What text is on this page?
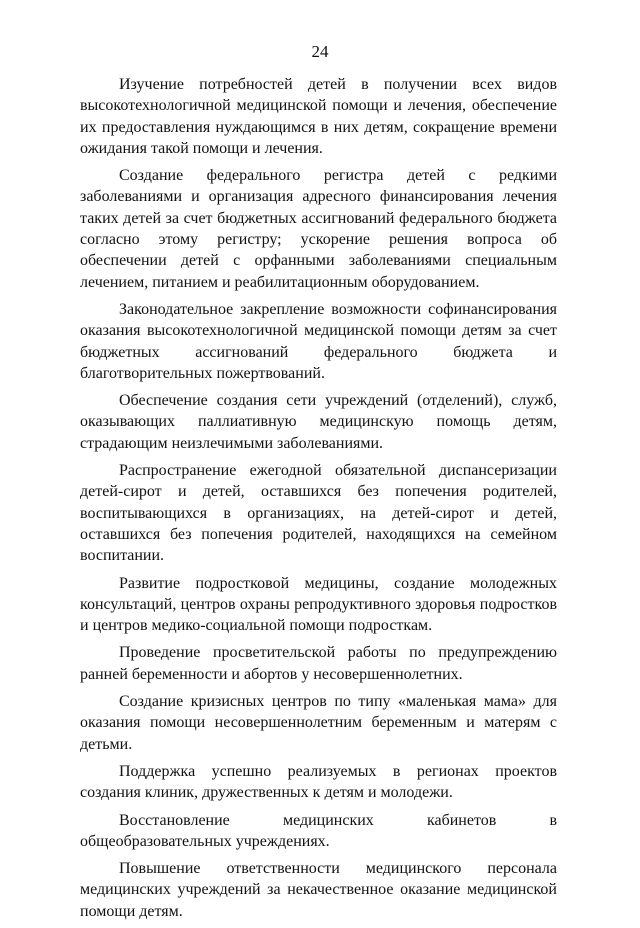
24

Изучение потребностей детей в получении всех видов высокотехнологичной медицинской помощи и лечения, обеспечение их предоставления нуждающимся в них детям, сокращение времени ожидания такой помощи и лечения.

Создание федерального регистра детей с редкими заболеваниями и организация адресного финансирования лечения таких детей за счет бюджетных ассигнований федерального бюджета согласно этому регистру; ускорение решения вопроса об обеспечении детей с орфанными заболеваниями специальным лечением, питанием и реабилитационным оборудованием.

Законодательное закрепление возможности софинансирования оказания высокотехнологичной медицинской помощи детям за счет бюджетных ассигнований федерального бюджета и благотворительных пожертвований.

Обеспечение создания сети учреждений (отделений), служб, оказывающих паллиативную медицинскую помощь детям, страдающим неизлечимыми заболеваниями.

Распространение ежегодной обязательной диспансеризации детей-сирот и детей, оставшихся без попечения родителей, воспитывающихся в организациях, на детей-сирот и детей, оставшихся без попечения родителей, находящихся на семейном воспитании.

Развитие подростковой медицины, создание молодежных консультаций, центров охраны репродуктивного здоровья подростков и центров медико-социальной помощи подросткам.

Проведение просветительской работы по предупреждению ранней беременности и абортов у несовершеннолетних.

Создание кризисных центров по типу «маленькая мама» для оказания помощи несовершеннолетним беременным и матерям с детьми.

Поддержка успешно реализуемых в регионах проектов создания клиник, дружественных к детям и молодежи.

Восстановление медицинских кабинетов в общеобразовательных учреждениях.

Повышение ответственности медицинского персонала медицинских учреждений за некачественное оказание медицинской помощи детям.
